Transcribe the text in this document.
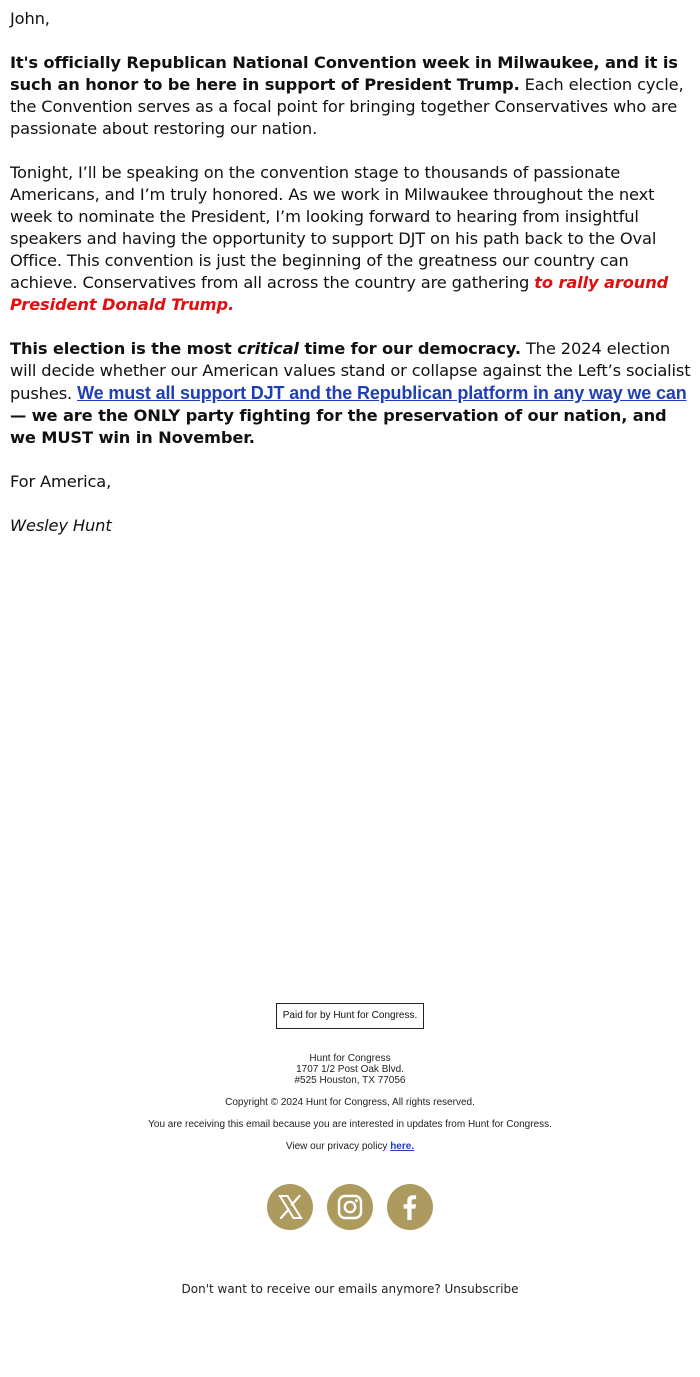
John,

It's officially Republican National Convention week in Milwaukee, and it is such an honor to be here in support of President Trump. Each election cycle, the Convention serves as a focal point for bringing together Conservatives who are passionate about restoring our nation.

Tonight, I’ll be speaking on the convention stage to thousands of passionate Americans, and I’m truly honored. As we work in Milwaukee throughout the next week to nominate the President, I’m looking forward to hearing from insightful speakers and having the opportunity to support DJT on his path back to the Oval Office. This convention is just the beginning of the greatness our country can achieve. Conservatives from all across the country are gathering to rally around President Donald Trump.

This election is the most critical time for our democracy. The 2024 election will decide whether our American values stand or collapse against the Left’s socialist pushes. We must all support DJT and the Republican platform in any way we can — we are the ONLY party fighting for the preservation of our nation, and we MUST win in November.

For America,

Wesley Hunt

Paid for by Hunt for Congress.
Hunt for Congress
1707 1/2 Post Oak Blvd.
#525 Houston, TX 77056
Copyright © 2024 Hunt for Congress, All rights reserved.
You are receiving this email because you are interested in updates from Hunt for Congress.
View our privacy policy here.
Don't want to receive our emails anymore? Unsubscribe
